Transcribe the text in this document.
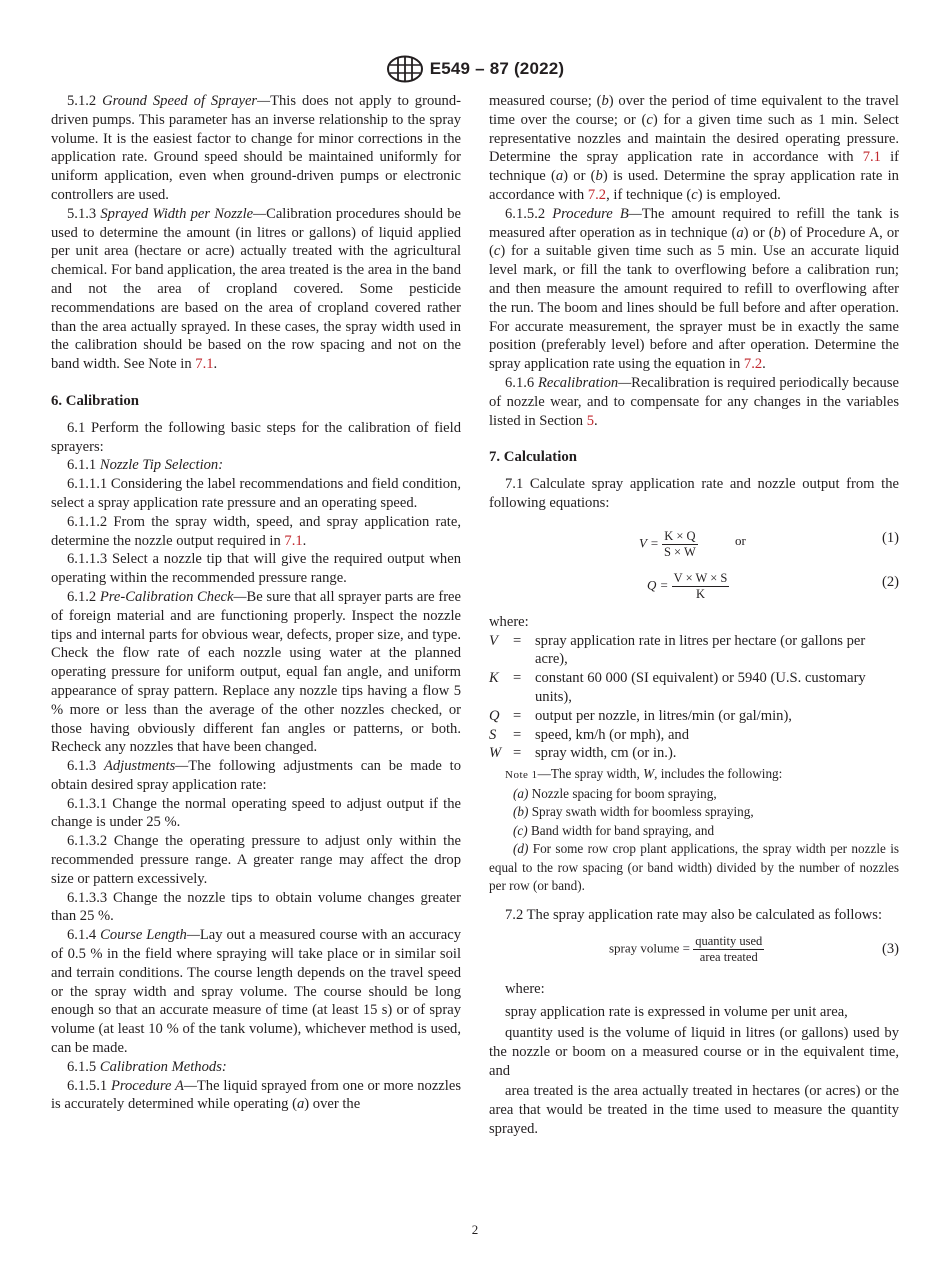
E549 – 87 (2022)

5.1.2 Ground Speed of Sprayer—This does not apply to ground-driven pumps. This parameter has an inverse relationship to the spray volume. It is the easiest factor to change for minor corrections in the application rate. Ground speed should be maintained uniformly for uniform application, even when ground-driven pumps or electronic controllers are used.

5.1.3 Sprayed Width per Nozzle—Calibration procedures should be used to determine the amount (in litres or gallons) of liquid applied per unit area (hectare or acre) actually treated with the agricultural chemical. For band application, the area treated is the area in the band and not the area of cropland covered. Some pesticide recommendations are based on the area of cropland covered rather than the area actually sprayed. In these cases, the spray width used in the calibration should be based on the row spacing and not on the band width. See Note in 7.1.

6. Calibration

6.1 Perform the following basic steps for the calibration of field sprayers:

6.1.1 Nozzle Tip Selection:

6.1.1.1 Considering the label recommendations and field condition, select a spray application rate pressure and an operating speed.

6.1.1.2 From the spray width, speed, and spray application rate, determine the nozzle output required in 7.1.

6.1.1.3 Select a nozzle tip that will give the required output when operating within the recommended pressure range.

6.1.2 Pre-Calibration Check—Be sure that all sprayer parts are free of foreign material and are functioning properly. Inspect the nozzle tips and internal parts for obvious wear, defects, proper size, and type. Check the flow rate of each nozzle using water at the planned operating pressure for uniform output, equal fan angle, and uniform appearance of spray pattern. Replace any nozzle tips having a flow 5 % more or less than the average of the other nozzles checked, or those having obviously different fan angles or patterns, or both. Recheck any nozzles that have been changed.

6.1.3 Adjustments—The following adjustments can be made to obtain desired spray application rate:

6.1.3.1 Change the normal operating speed to adjust output if the change is under 25 %.

6.1.3.2 Change the operating pressure to adjust only within the recommended pressure range. A greater range may affect the drop size or pattern excessively.

6.1.3.3 Change the nozzle tips to obtain volume changes greater than 25 %.

6.1.4 Course Length—Lay out a measured course with an accuracy of 0.5 % in the field where spraying will take place or in similar soil and terrain conditions. The course length depends on the travel speed or the spray width and spray volume. The course should be long enough so that an accurate measure of time (at least 15 s) or of spray volume (at least 10 % of the tank volume), whichever method is used, can be made.

6.1.5 Calibration Methods:

6.1.5.1 Procedure A—The liquid sprayed from one or more nozzles is accurately determined while operating (a) over the

measured course; (b) over the period of time equivalent to the travel time over the course; or (c) for a given time such as 1 min. Select representative nozzles and maintain the desired operating pressure. Determine the spray application rate in accordance with 7.1 if technique (a) or (b) is used. Determine the spray application rate in accordance with 7.2, if technique (c) is employed.

6.1.5.2 Procedure B—The amount required to refill the tank is measured after operation as in technique (a) or (b) of Procedure A, or (c) for a suitable given time such as 5 min. Use an accurate liquid level mark, or fill the tank to overflowing before a calibration run; and then measure the amount required to refill to overflowing after the run. The boom and lines should be full before and after operation. For accurate measurement, the sprayer must be in exactly the same position (preferably level) before and after operation. Determine the spray application rate using the equation in 7.2.

6.1.6 Recalibration—Recalibration is required periodically because of nozzle wear, and to compensate for any changes in the variables listed in Section 5.

7. Calculation

7.1 Calculate spray application rate and nozzle output from the following equations:

$V = \frac{K \times Q}{S \times W}$	or	(1)
$Q = \frac{V \times W \times S}{K}$	(2)

where:

V	=	spray application rate in litres per hectare (or gallons per acre),
K	=	constant 60 000 (SI equivalent) or 5940 (U.S. customary units),
Q	=	output per nozzle, in litres/min (or gal/min),
S	=	speed, km/h (or mph), and
W	=	spray width, cm (or in.).

Note 1—The spray width, W, includes the following:

(a) Nozzle spacing for boom spraying,

(b) Spray swath width for boomless spraying,

(c) Band width for band spraying, and

(d) For some row crop plant applications, the spray width per nozzle is equal to the row spacing (or band width) divided by the number of nozzles per row (or band).

7.2 The spray application rate may also be calculated as follows:

spray volume = $\frac{\text{quantity used}}{\text{area treated}}$	(3)

where:

spray application rate is expressed in volume per unit area,

quantity used is the volume of liquid in litres (or gallons) used by the nozzle or boom on a measured course or in the equivalent time, and

area treated is the area actually treated in hectares (or acres) or the area that would be treated in the time used to measure the quantity sprayed.

2
